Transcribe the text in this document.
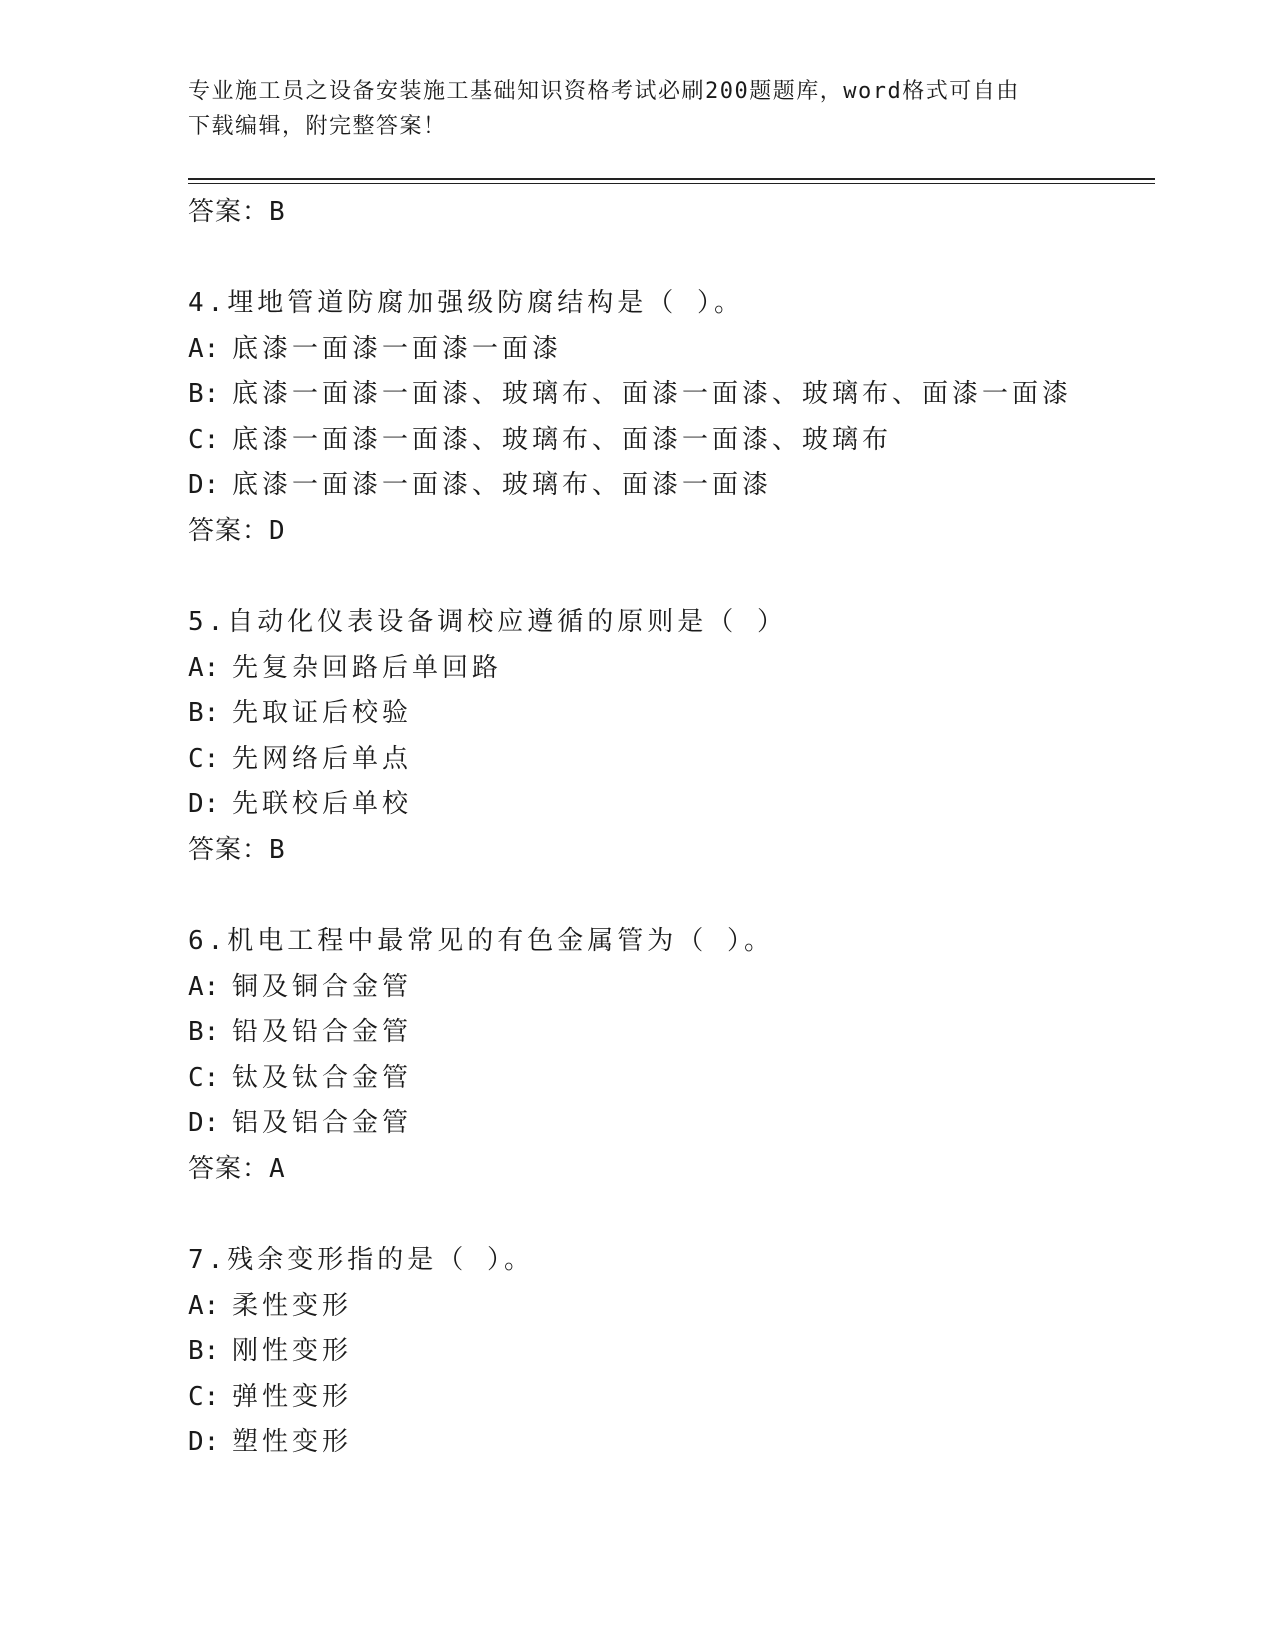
专业施工员之设备安装施工基础知识资格考试必刷200题题库，word格式可自由
下载编辑，附完整答案！
答案：B
4.埋地管道防腐加强级防腐结构是（ ）。
A: 底漆一面漆一面漆一面漆
B: 底漆一面漆一面漆、玻璃布、面漆一面漆、玻璃布、面漆一面漆
C: 底漆一面漆一面漆、玻璃布、面漆一面漆、玻璃布
D: 底漆一面漆一面漆、玻璃布、面漆一面漆
答案：D
5.自动化仪表设备调校应遵循的原则是（ ）
A: 先复杂回路后单回路
B: 先取证后校验
C: 先网络后单点
D: 先联校后单校
答案：B
6.机电工程中最常见的有色金属管为（ ）。
A: 铜及铜合金管
B: 铅及铅合金管
C: 钛及钛合金管
D: 铝及铝合金管
答案：A
7.残余变形指的是（ ）。
A: 柔性变形
B: 刚性变形
C: 弹性变形
D: 塑性变形
